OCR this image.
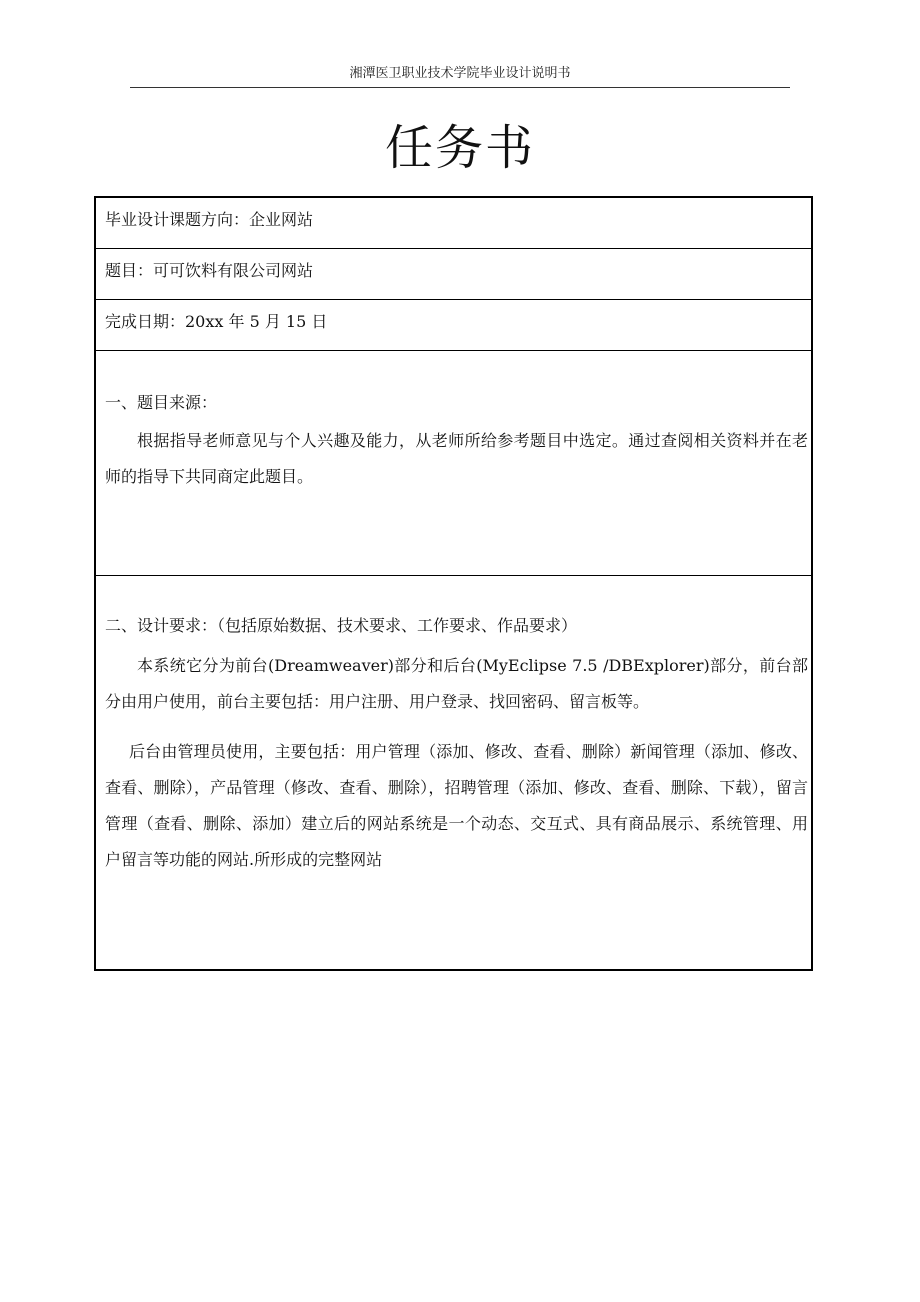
湘潭医卫职业技术学院毕业设计说明书
任务书
毕业设计课题方向：企业网站
题目：可可饮料有限公司网站
完成日期：20xx 年 5 月 15 日
一、题目来源：

根据指导老师意见与个人兴趣及能力，从老师所给参考题目中选定。通过查阅相关资料并在老师的指导下共同商定此题目。

二、设计要求：（包括原始数据、技术要求、工作要求、作品要求）

本系统它分为前台(Dreamweaver)部分和后台(MyEclipse 7.5 /DBExplorer)部分，前台部分由用户使用，前台主要包括：用户注册、用户登录、找回密码、留言板等。

后台由管理员使用，主要包括：用户管理（添加、修改、查看、删除）新闻管理（添加、修改、查看、删除），产品管理（修改、查看、删除），招聘管理（添加、修改、查看、删除、下载），留言管理（查看、删除、添加）建立后的网站系统是一个动态、交互式、具有商品展示、系统管理、用户留言等功能的网站.所形成的完整网站
